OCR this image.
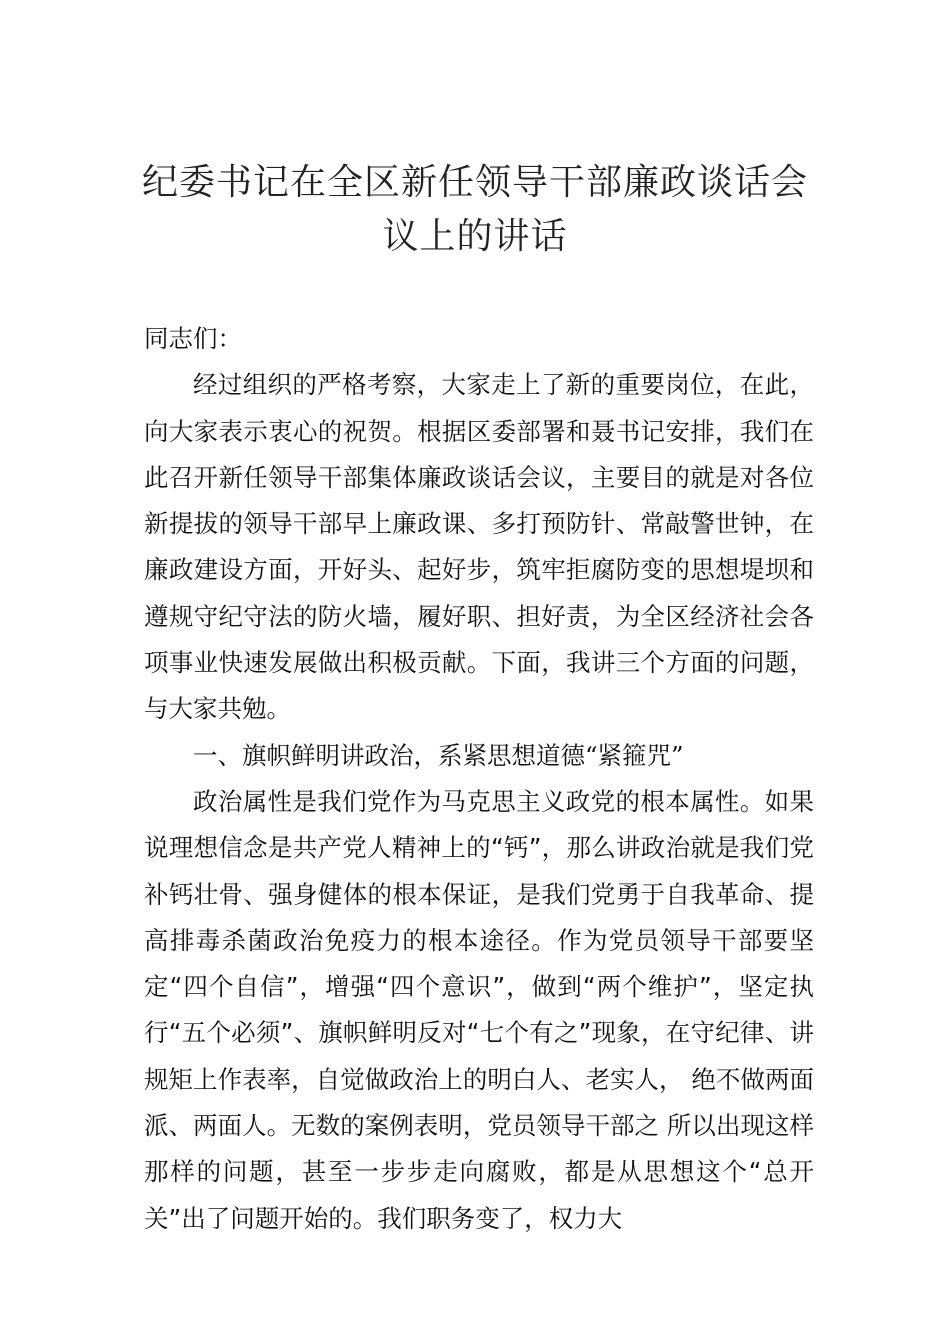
纪委书记在全区新任领导干部廉政谈话会
议上的讲话

同志们：

经过组织的严格考察，大家走上了新的重要岗位，在此，向大家表示衷心的祝贺。根据区委部署和聂书记安排，我们在此召开新任领导干部集体廉政谈话会议，主要目的就是对各位新提拔的领导干部早上廉政课、多打预防针、常敲警世钟，在廉政建设方面，开好头、起好步，筑牢拒腐防变的思想堤坝和遵规守纪守法的防火墙，履好职、担好责，为全区经济社会各项事业快速发展做出积极贡献。下面，我讲三个方面的问题，与大家共勉。

一、旗帜鲜明讲政治，系紧思想道德“紧箍咒”

政治属性是我们党作为马克思主义政党的根本属性。如果说理想信念是共产党人精神上的“钙”，那么讲政治就是我们党补钙壮骨、强身健体的根本保证，是我们党勇于自我革命、提高排毒杀菌政治免疫力的根本途径。作为党员领导干部要坚定“四个自信”，增强“四个意识”，做到“两个维护”，坚定执行“五个必须”、旗帜鲜明反对“七个有之”现象，在守纪律、讲规矩上作表率，自觉做政治上的明白人、老实人， 绝不做两面派、两面人。无数的案例表明，党员领导干部之 所以出现这样那样的问题，甚至一步步走向腐败，都是从思想这个“总开关”出了问题开始的。我们职务变了，权力大
